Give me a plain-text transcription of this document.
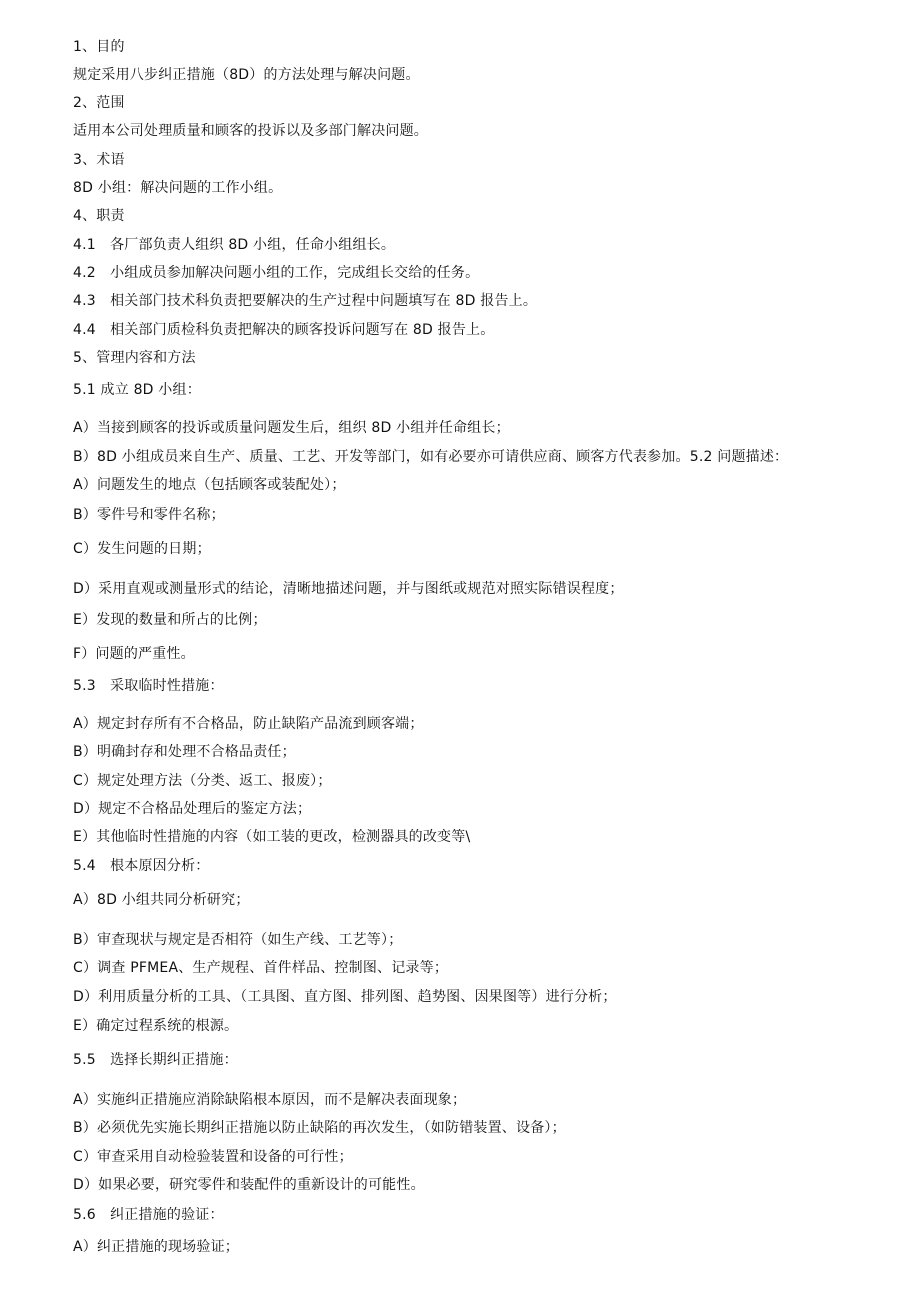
1、目的
规定采用八步纠正措施（8D）的方法处理与解决问题。
2、范围
适用本公司处理质量和顾客的投诉以及多部门解决问题。
3、术语
8D 小组：解决问题的工作小组。
4、职责
4.1　各厂部负责人组织 8D 小组，任命小组组长。
4.2　小组成员参加解决问题小组的工作，完成组长交给的任务。
4.3　相关部门技术科负责把要解决的生产过程中问题填写在 8D 报告上。
4.4　相关部门质检科负责把解决的顾客投诉问题写在 8D 报告上。
5、管理内容和方法
5.1 成立 8D 小组：
A）当接到顾客的投诉或质量问题发生后，组织 8D 小组并任命组长；
B）8D 小组成员来自生产、质量、工艺、开发等部门，如有必要亦可请供应商、顾客方代表参加。5.2 问题描述：
A）问题发生的地点（包括顾客或装配处）；
B）零件号和零件名称；
C）发生问题的日期；
D）采用直观或测量形式的结论，清晰地描述问题，并与图纸或规范对照实际错误程度；
E）发现的数量和所占的比例；
F）问题的严重性。
5.3　采取临时性措施：
A）规定封存所有不合格品，防止缺陷产品流到顾客端；
B）明确封存和处理不合格品责任；
C）规定处理方法（分类、返工、报废）；
D）规定不合格品处理后的鉴定方法；
E）其他临时性措施的内容（如工装的更改，检测器具的改变等\
5.4　根本原因分析：
A）8D 小组共同分析研究；
B）审查现状与规定是否相符（如生产线、工艺等）；
C）调查 PFMEA、生产规程、首件样品、控制图、记录等；
D）利用质量分析的工具、（工具图、直方图、排列图、趋势图、因果图等）进行分析；
E）确定过程系统的根源。
5.5　选择长期纠正措施：
A）实施纠正措施应消除缺陷根本原因，而不是解决表面现象；
B）必须优先实施长期纠正措施以防止缺陷的再次发生，（如防错装置、设备）；
C）审查采用自动检验装置和设备的可行性；
D）如果必要，研究零件和装配件的重新设计的可能性。
5.6　纠正措施的验证：
A）纠正措施的现场验证；
